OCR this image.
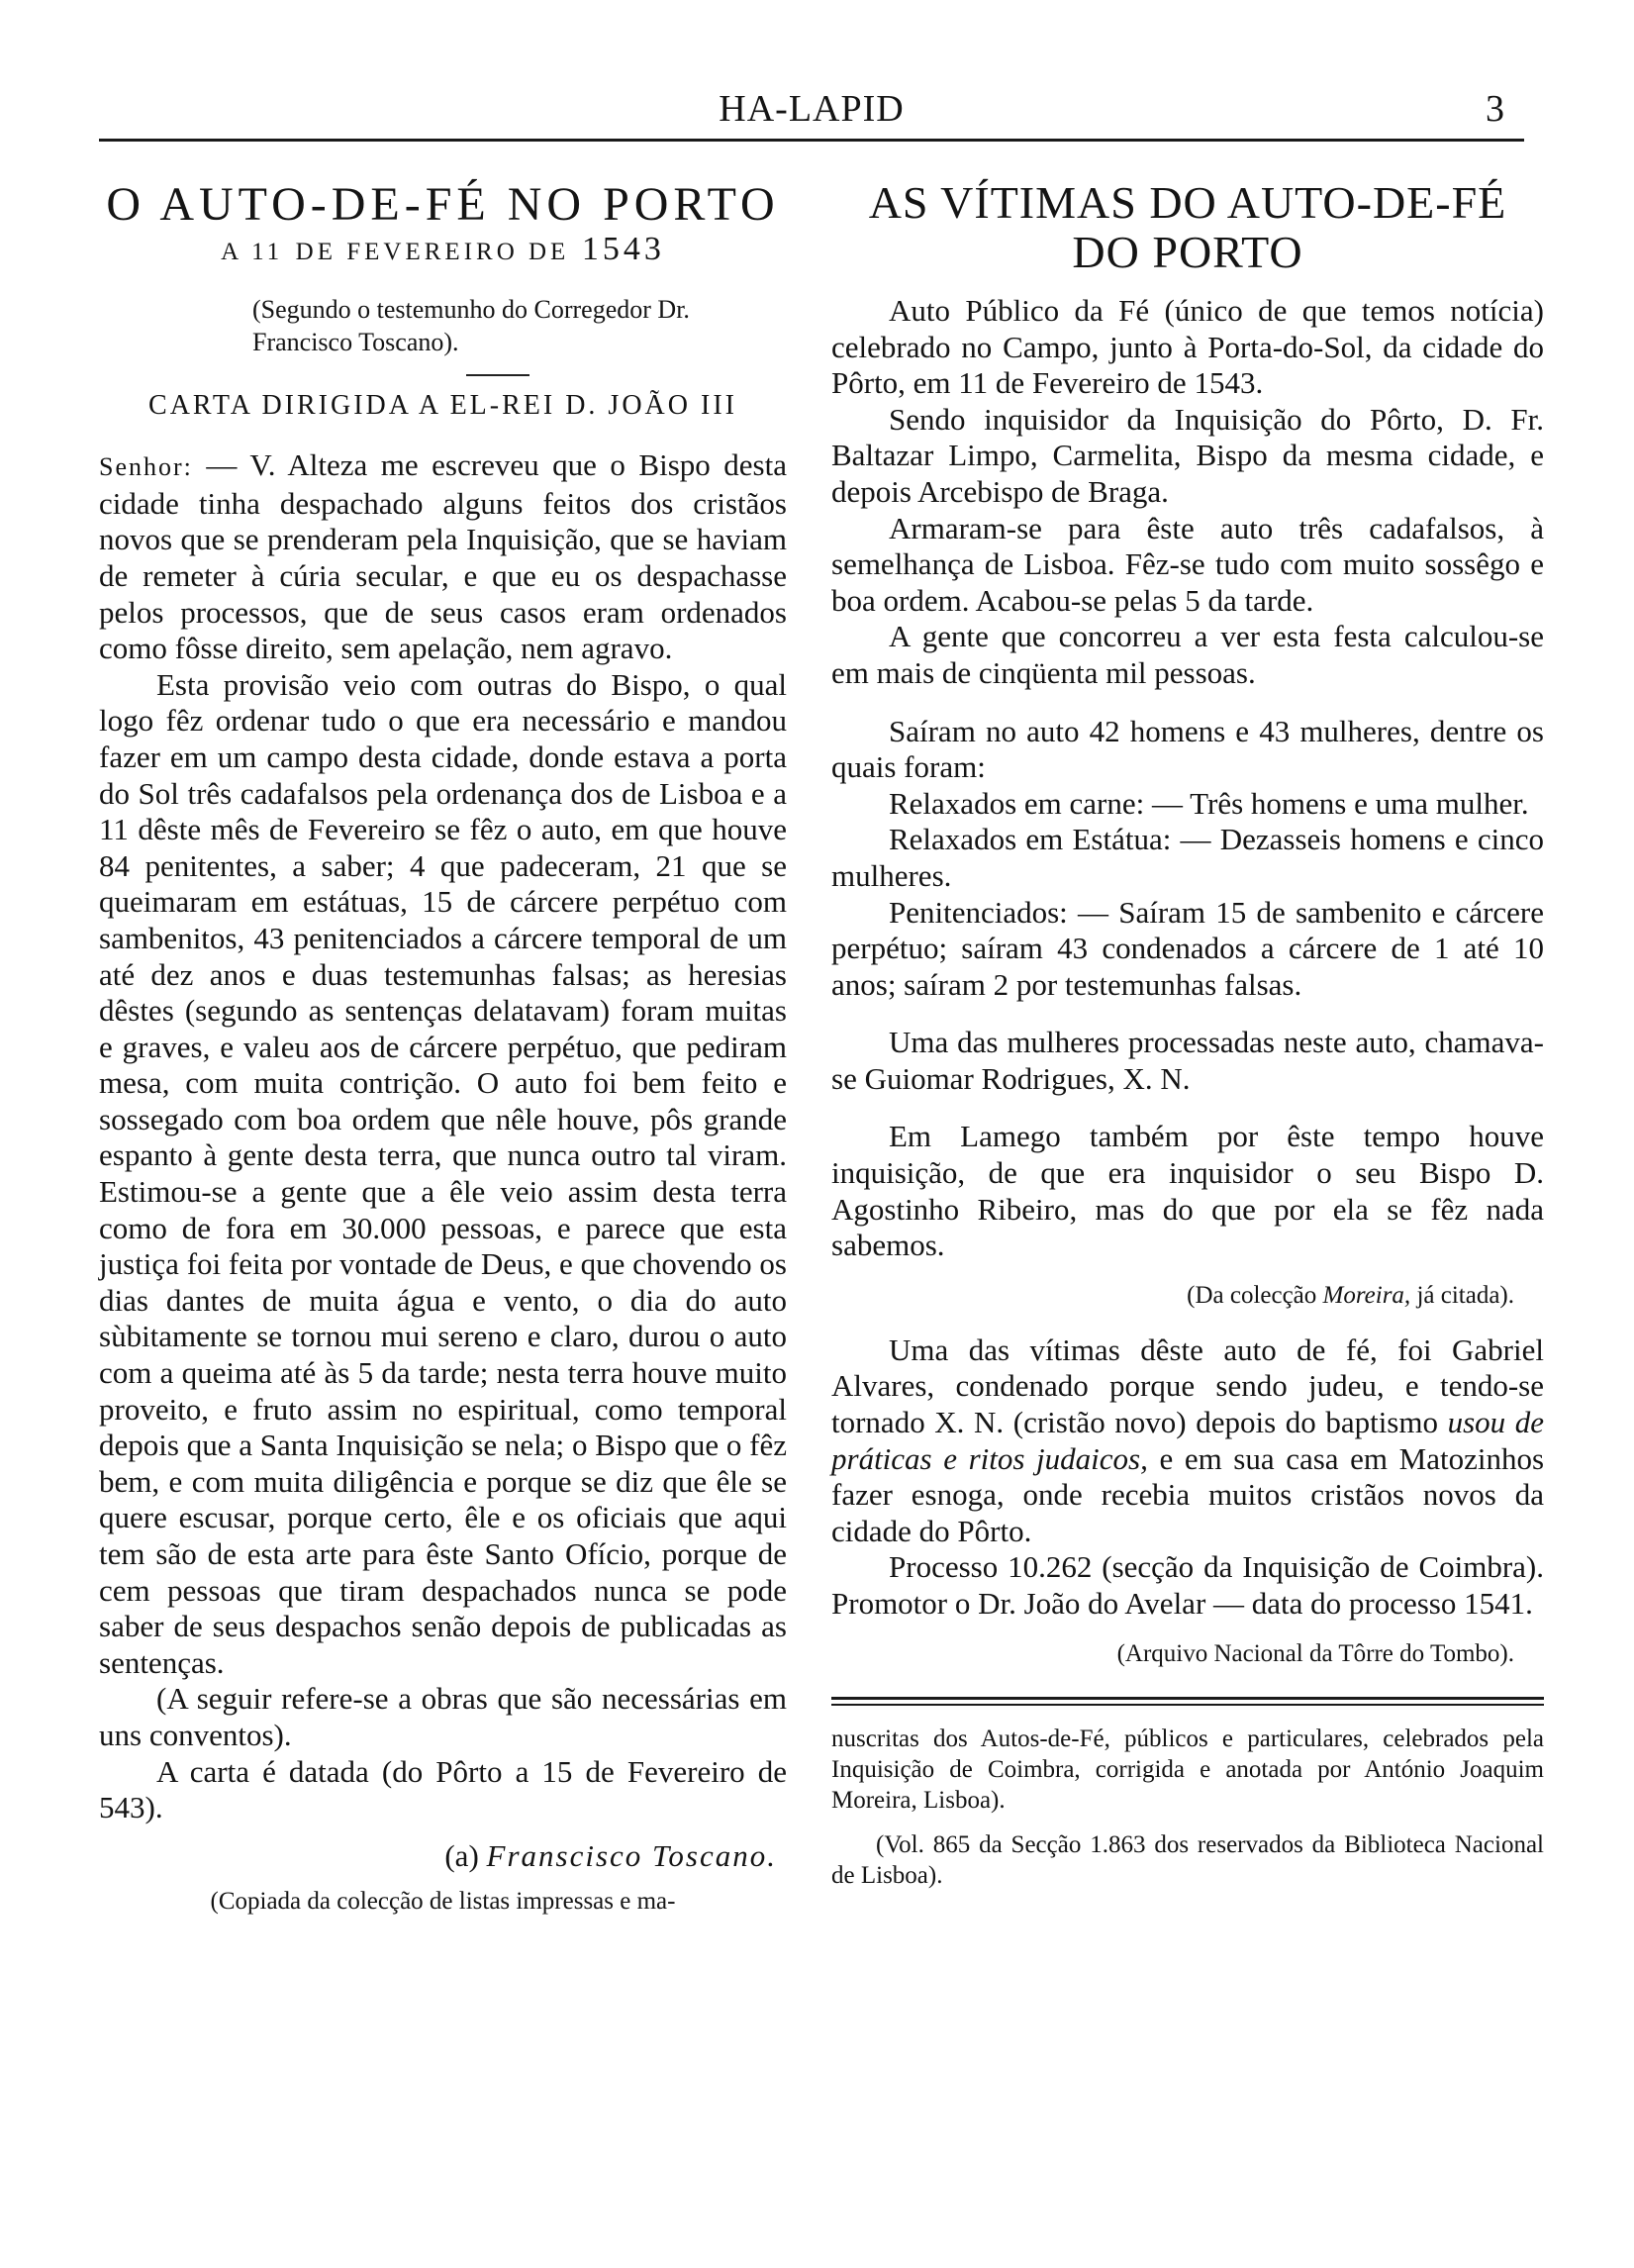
HA-LAPID	3

O AUTO-DE-FÉ NO PORTO

A 11 DE FEVEREIRO DE 1543

(Segundo o testemunho do Corregedor Dr. Francisco Toscano).

CARTA DIRIGIDA A EL-REI D. JOÃO III

Senhor: — V. Alteza me escreveu que o Bispo desta cidade tinha despachado alguns feitos dos cristãos novos que se prenderam pela Inquisição, que se haviam de remeter à cúria secular, e que eu os despachasse pelos processos, que de seus casos eram ordenados como fôsse direito, sem apelação, nem agravo.

Esta provisão veio com outras do Bispo, o qual logo fêz ordenar tudo o que era necessário e mandou fazer em um campo desta cidade, donde estava a porta do Sol três cadafalsos pela ordenança dos de Lisboa e a 11 dêste mês de Fevereiro se fêz o auto, em que houve 84 penitentes, a saber; 4 que padeceram, 21 que se queimaram em estátuas, 15 de cárcere perpétuo com sambenitos, 43 penitenciados a cárcere temporal de um até dez anos e duas testemunhas falsas; as heresias dêstes (segundo as sentenças delatavam) foram muitas e graves, e valeu aos de cárcere perpétuo, que pediram mesa, com muita contrição. O auto foi bem feito e sossegado com boa ordem que nêle houve, pôs grande espanto à gente desta terra, que nunca outro tal viram. Estimou-se a gente que a êle veio assim desta terra como de fora em 30.000 pessoas, e parece que esta justiça foi feita por vontade de Deus, e que chovendo os dias dantes de muita água e vento, o dia do auto sùbitamente se tornou mui sereno e claro, durou o auto com a queima até às 5 da tarde; nesta terra houve muito proveito, e fruto assim no espiritual, como temporal depois que a Santa Inquisição se nela; o Bispo que o fêz bem, e com muita diligência e porque se diz que êle se quere escusar, porque certo, êle e os oficiais que aqui tem são de esta arte para êste Santo Ofício, porque de cem pessoas que tiram despachados nunca se pode saber de seus despachos senão depois de publicadas as sentenças.

(A seguir refere-se a obras que são necessárias em uns conventos).

A carta é datada (do Pôrto a 15 de Fevereiro de 543).

(a) Franscisco Toscano.

(Copiada da colecção de listas impressas e ma-

AS VÍTIMAS DO AUTO-DE-FÉ

DO PORTO

Auto Público da Fé (único de que temos notícia) celebrado no Campo, junto à Porta-do-Sol, da cidade do Pôrto, em 11 de Fevereiro de 1543.

Sendo inquisidor da Inquisição do Pôrto, D. Fr. Baltazar Limpo, Carmelita, Bispo da mesma cidade, e depois Arcebispo de Braga.

Armaram-se para êste auto três cadafalsos, à semelhança de Lisboa. Fêz-se tudo com muito sossêgo e boa ordem. Acabou-se pelas 5 da tarde.

A gente que concorreu a ver esta festa calculou-se em mais de cinqüenta mil pessoas.

Saíram no auto 42 homens e 43 mulheres, dentre os quais foram:

Relaxados em carne: — Três homens e uma mulher.

Relaxados em Estátua: — Dezasseis homens e cinco mulheres.

Penitenciados: — Saíram 15 de sambenito e cárcere perpétuo; saíram 43 condenados a cárcere de 1 até 10 anos; saíram 2 por testemunhas falsas.

Uma das mulheres processadas neste auto, chamava-se Guiomar Rodrigues, X. N.

Em Lamego também por êste tempo houve inquisição, de que era inquisidor o seu Bispo D. Agostinho Ribeiro, mas do que por ela se fêz nada sabemos.

(Da colecção Moreira, já citada).

Uma das vítimas dêste auto de fé, foi Gabriel Alvares, condenado porque sendo judeu, e tendo-se tornado X. N. (cristão novo) depois do baptismo usou de práticas e ritos judaicos, e em sua casa em Matozinhos fazer esnoga, onde recebia muitos cristãos novos da cidade do Pôrto.

Processo 10.262 (secção da Inquisição de Coimbra). Promotor o Dr. João do Avelar — data do processo 1541.

(Arquivo Nacional da Tôrre do Tombo).

nuscritas dos Autos-de-Fé, públicos e particulares, celebrados pela Inquisição de Coimbra, corrigida e anotada por António Joaquim Moreira, Lisboa).

(Vol. 865 da Secção 1.863 dos reservados da Biblioteca Nacional de Lisboa).
